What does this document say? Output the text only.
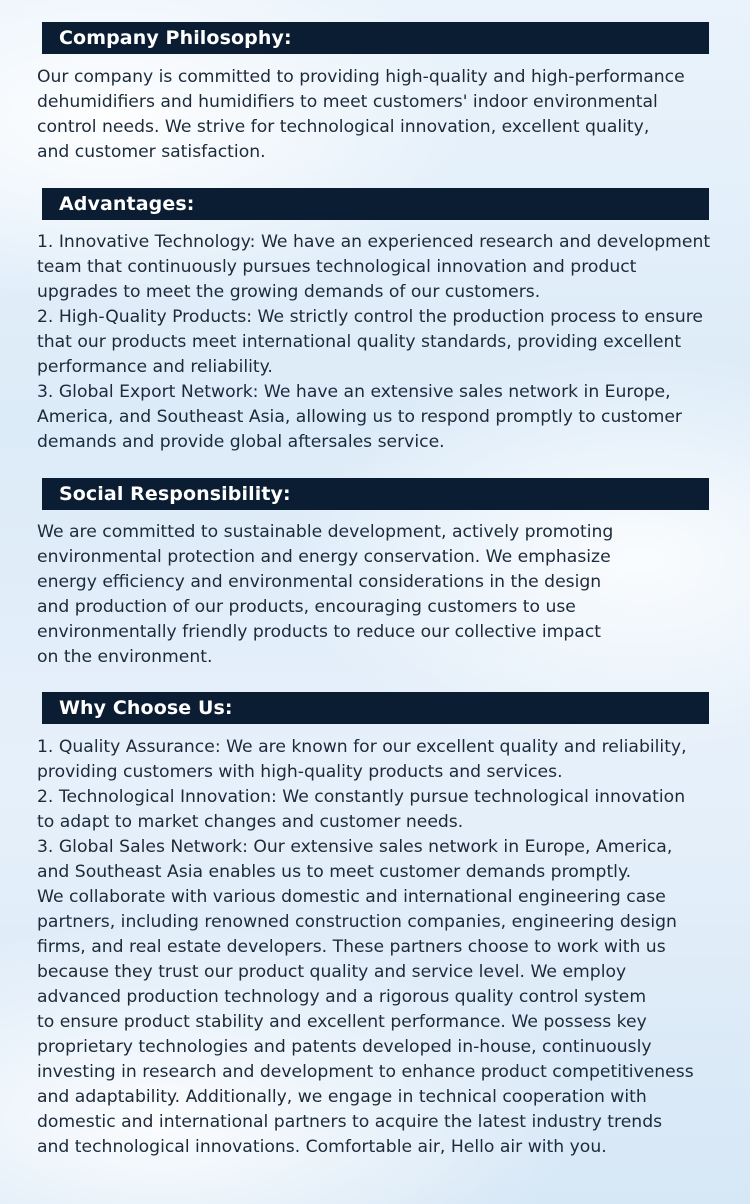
Company Philosophy:
Our company is committed to providing high-quality and high-performance
dehumidifiers and humidifiers to meet customers' indoor environmental
control needs. We strive for technological innovation, excellent quality,
and customer satisfaction.
Advantages:
1. Innovative Technology: We have an experienced research and development
team that continuously pursues technological innovation and product
upgrades to meet the growing demands of our customers.
2. High-Quality Products: We strictly control the production process to ensure
that our products meet international quality standards, providing excellent
performance and reliability.
3. Global Export Network: We have an extensive sales network in Europe,
America, and Southeast Asia, allowing us to respond promptly to customer
demands and provide global aftersales service.
Social Responsibility:
We are committed to sustainable development, actively promoting
environmental protection and energy conservation. We emphasize
energy efficiency and environmental considerations in the design
and production of our products, encouraging customers to use
environmentally friendly products to reduce our collective impact
on the environment.
Why Choose Us:
1. Quality Assurance: We are known for our excellent quality and reliability,
providing customers with high-quality products and services.
2. Technological Innovation: We constantly pursue technological innovation
to adapt to market changes and customer needs.
3. Global Sales Network: Our extensive sales network in Europe, America,
and Southeast Asia enables us to meet customer demands promptly.
We collaborate with various domestic and international engineering case
partners, including renowned construction companies, engineering design
firms, and real estate developers. These partners choose to work with us
because they trust our product quality and service level. We employ
advanced production technology and a rigorous quality control system
to ensure product stability and excellent performance. We possess key
proprietary technologies and patents developed in-house, continuously
investing in research and development to enhance product competitiveness
and adaptability. Additionally, we engage in technical cooperation with
domestic and international partners to acquire the latest industry trends
and technological innovations. Comfortable air, Hello air with you.
